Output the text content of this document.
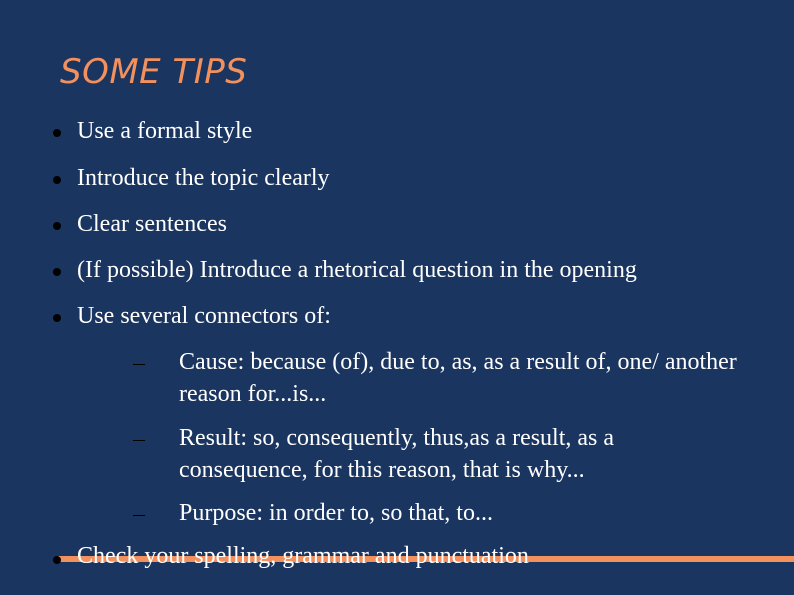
SOME TIPS
Use a formal style
Introduce the topic clearly
Clear sentences
(If possible) Introduce a rhetorical question in the opening
Use several connectors of:
Cause: because (of), due to, as, as a result of, one/ another reason for...is...
Result: so, consequently, thus,as a result, as a consequence, for this reason, that is why...
Purpose: in order to, so that, to...
Check your spelling, grammar and punctuation
